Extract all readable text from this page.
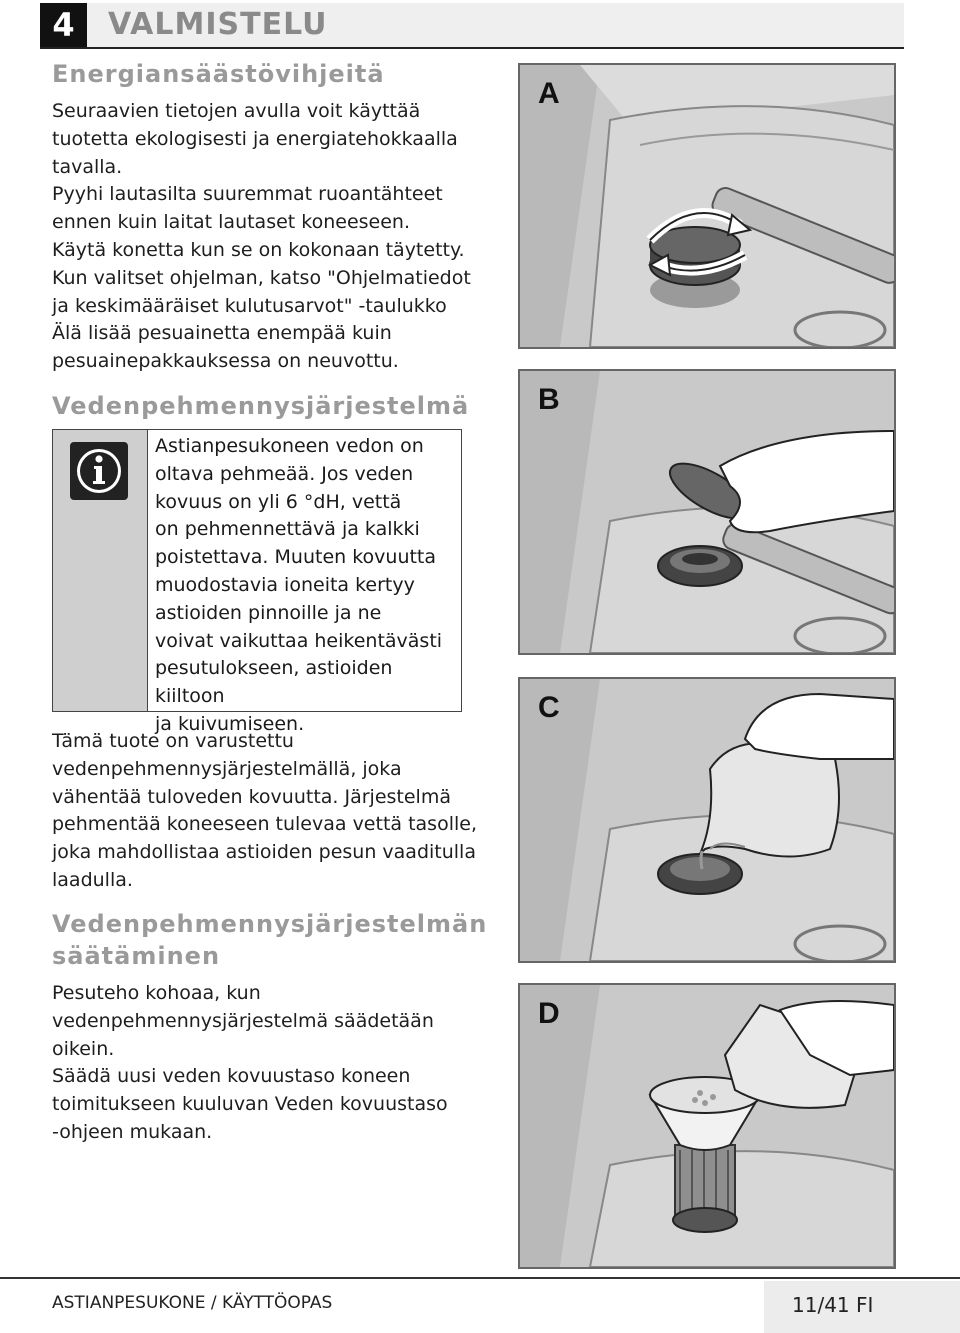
4	VALMISTELU
Energiansäästövihjeitä
Seuraavien tietojen avulla voit käyttää
tuotetta ekologisesti ja energiatehokkaalla
tavalla.
Pyyhi lautasilta suuremmat ruoantähteet
ennen kuin laitat lautaset koneeseen.
Käytä konetta kun se on kokonaan täytetty.
Kun valitset ohjelman, katso "Ohjelmatiedot
ja keskimääräiset kulutusarvot" -taulukko
Älä lisää pesuainetta enempää kuin
pesuainepakkauksessa on neuvottu.
Vedenpehmennysjärjestelmä
Astianpesukoneen vedon on
oltava pehmeää. Jos veden
kovuus on yli 6 °dH, vettä
on pehmennettävä ja kalkki
poistettava. Muuten kovuutta
muodostavia ioneita kertyy
astioiden pinnoille ja ne
voivat vaikuttaa heikentävästi
pesutulokseen, astioiden kiiltoon
ja kuivumiseen.
Tämä tuote on varustettu
vedenpehmennysjärjestelmällä, joka
vähentää tuloveden kovuutta. Järjestelmä
pehmentää koneeseen tulevaa vettä tasolle,
joka mahdollistaa astioiden pesun vaaditulla
laadulla.
Vedenpehmennysjärjestelmän
säätäminen
Pesuteho kohoaa, kun
vedenpehmennysjärjestelmä säädetään
oikein.
Säädä uusi veden kovuustaso koneen
toimitukseen kuuluvan Veden kovuustaso
-ohjeen mukaan.
A
B
C
D
ASTIANPESUKONE / KÄYTTÖOPAS	11/41 FI
